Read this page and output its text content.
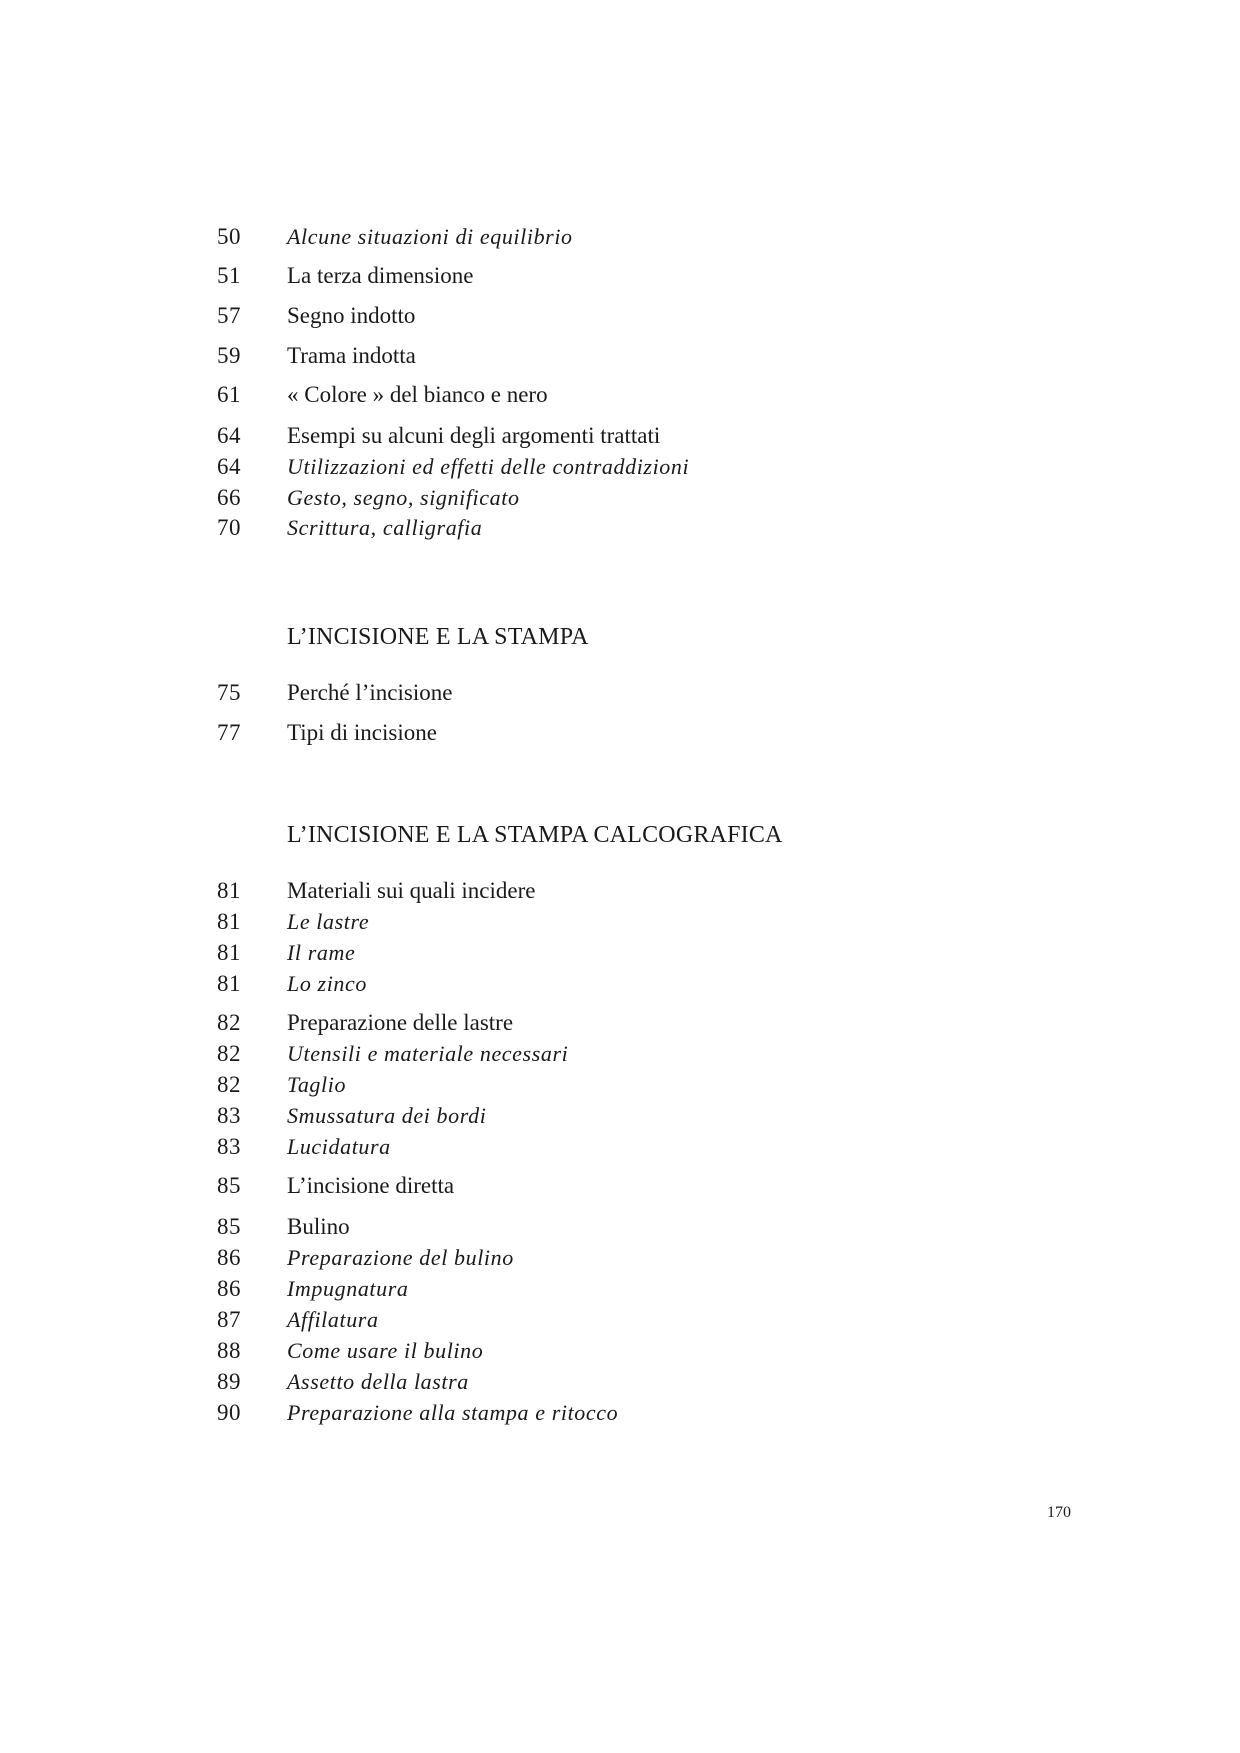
50	Alcune situazioni di equilibrio
51	La terza dimensione
57	Segno indotto
59	Trama indotta
61	« Colore » del bianco e nero
64	Esempi su alcuni degli argomenti trattati
64	Utilizzazioni ed effetti delle contraddizioni
66	Gesto, segno, significato
70	Scrittura, calligrafia
L’INCISIONE E LA STAMPA
75	Perché l’incisione
77	Tipi di incisione
L’INCISIONE E LA STAMPA CALCOGRAFICA
81	Materiali sui quali incidere
81	Le lastre
81	Il rame
81	Lo zinco
82	Preparazione delle lastre
82	Utensili e materiale necessari
82	Taglio
83	Smussatura dei bordi
83	Lucidatura
85	L’incisione diretta
85	Bulino
86	Preparazione del bulino
86	Impugnatura
87	Affilatura
88	Come usare il bulino
89	Assetto della lastra
90	Preparazione alla stampa e ritocco
170
